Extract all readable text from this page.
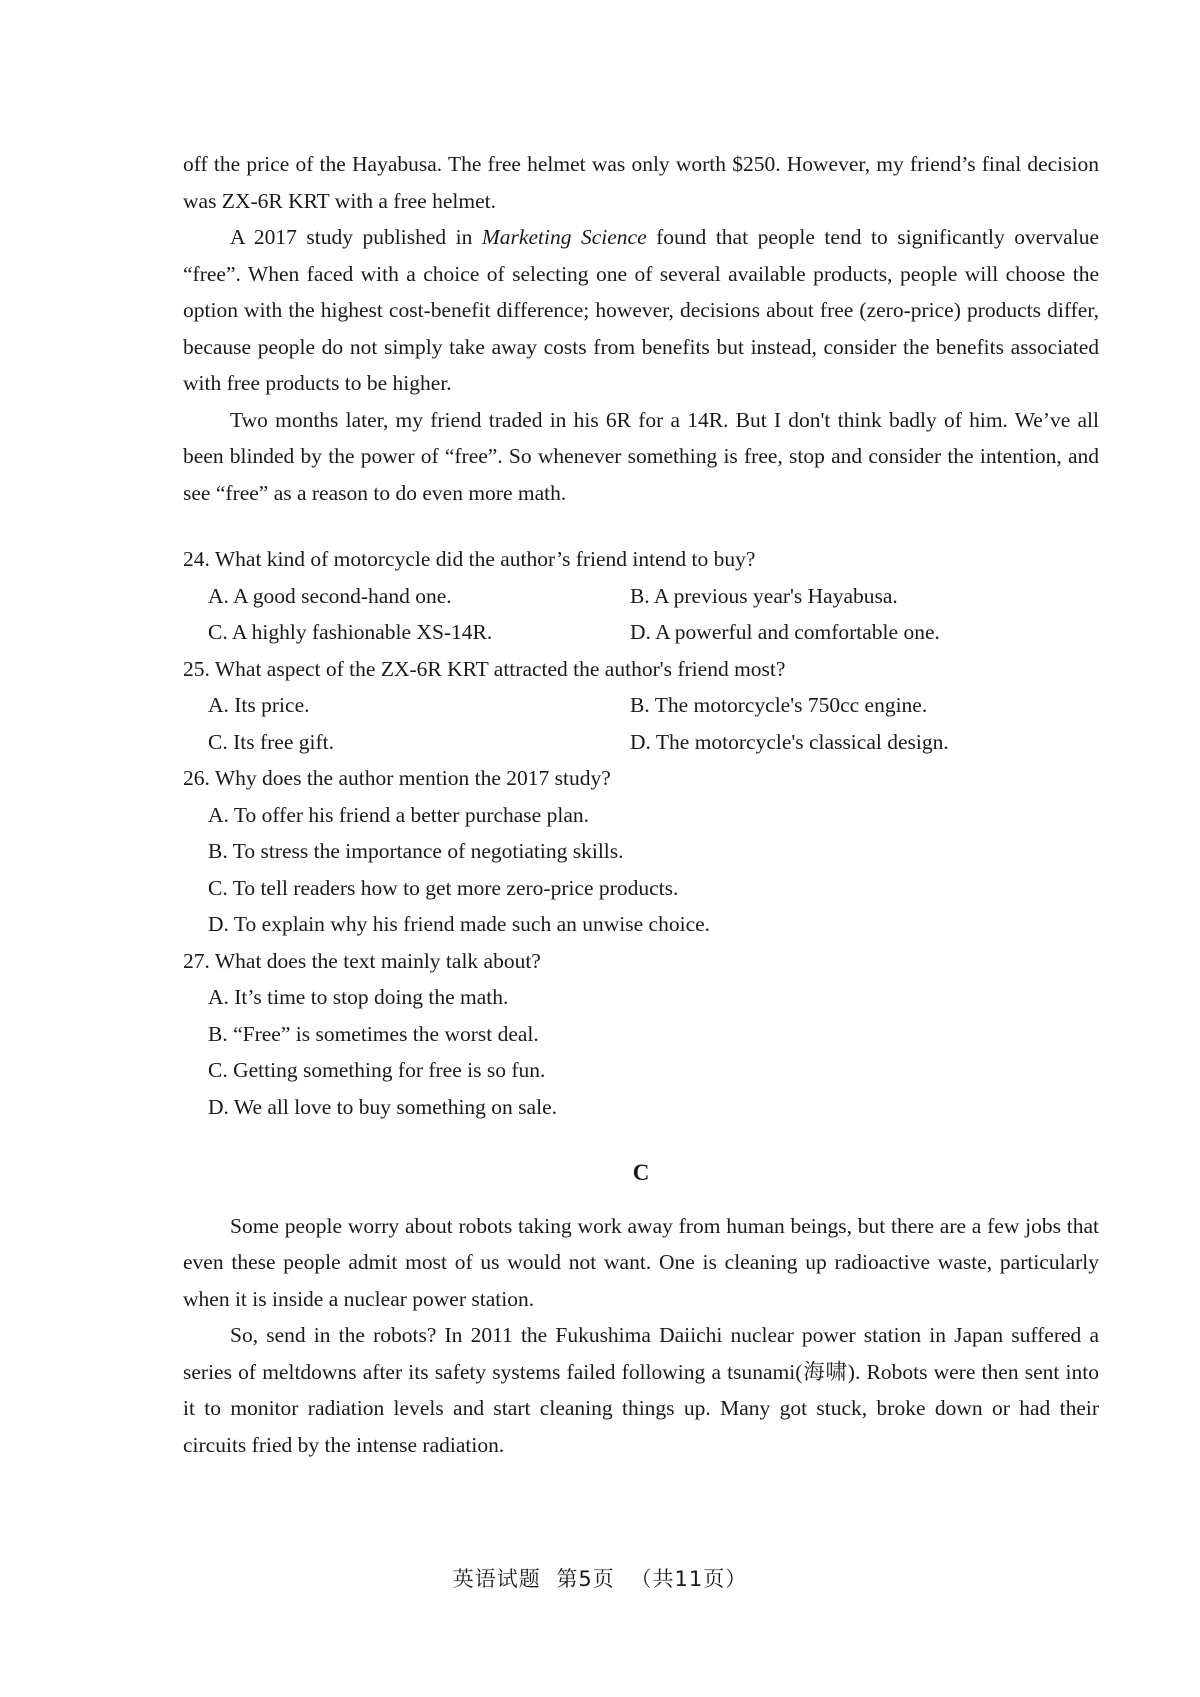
off the price of the Hayabusa. The free helmet was only worth $250. However, my friend’s final decision was ZX-6R KRT with a free helmet.

A 2017 study published in Marketing Science found that people tend to significantly overvalue “free”. When faced with a choice of selecting one of several available products, people will choose the option with the highest cost-benefit difference; however, decisions about free (zero-price) products differ, because people do not simply take away costs from benefits but instead, consider the benefits associated with free products to be higher.

Two months later, my friend traded in his 6R for a 14R. But I don't think badly of him. We’ve all been blinded by the power of “free”. So whenever something is free, stop and consider the intention, and see “free” as a reason to do even more math.

24. What kind of motorcycle did the author’s friend intend to buy?

A. A good second-hand one.	B. A previous year's Hayabusa.

C. A highly fashionable XS-14R.	D. A powerful and comfortable one.

25. What aspect of the ZX-6R KRT attracted the author's friend most?

A. Its price.	B. The motorcycle's 750cc engine.

C. Its free gift.	D. The motorcycle's classical design.

26. Why does the author mention the 2017 study?

A. To offer his friend a better purchase plan.

B. To stress the importance of negotiating skills.

C. To tell readers how to get more zero-price products.

D. To explain why his friend made such an unwise choice.

27. What does the text mainly talk about?

A. It’s time to stop doing the math.

B. “Free” is sometimes the worst deal.

C. Getting something for free is so fun.

D. We all love to buy something on sale.

C

Some people worry about robots taking work away from human beings, but there are a few jobs that even these people admit most of us would not want. One is cleaning up radioactive waste, particularly when it is inside a nuclear power station.

So, send in the robots? In 2011 the Fukushima Daiichi nuclear power station in Japan suffered a series of meltdowns after its safety systems failed following a tsunami(海啸). Robots were then sent into it to monitor radiation levels and start cleaning things up. Many got stuck, broke down or had their circuits fried by the intense radiation.

英语试题 第5页 （共11页）
